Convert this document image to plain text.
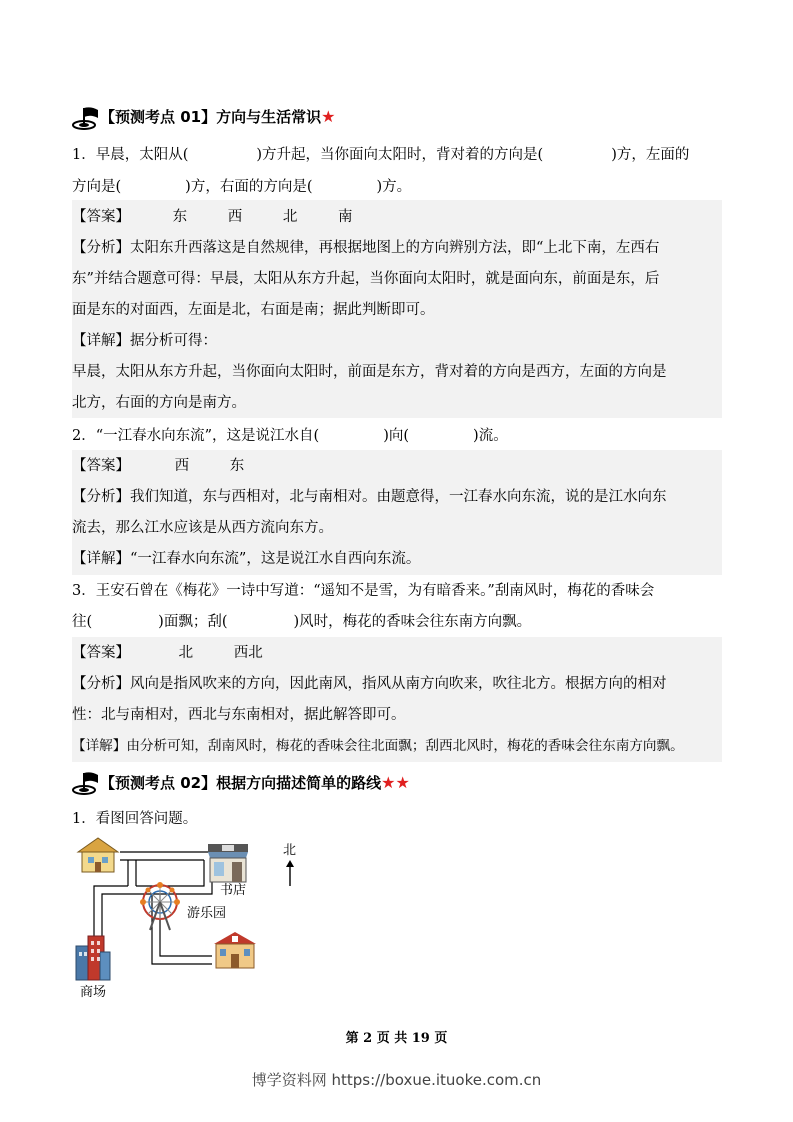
【预测考点 01】方向与生活常识★
1．早晨，太阳从(	)方升起，当你面向太阳时，背对着的方向是(	)方，左面的
方向是(	)方，右面的方向是(	)方。
【答案】	东	西	北	南
【分析】太阳东升西落这是自然规律，再根据地图上的方向辨别方法，即“上北下南，左西右
东”并结合题意可得：早晨，太阳从东方升起，当你面向太阳时，就是面向东，前面是东，后
面是东的对面西，左面是北，右面是南；据此判断即可。
【详解】据分析可得：
早晨，太阳从东方升起，当你面向太阳时，前面是东方，背对着的方向是西方，左面的方向是
北方，右面的方向是南方。
2．“一江春水向东流”，这是说江水自(	)向(	)流。
【答案】	西	东
【分析】我们知道，东与西相对，北与南相对。由题意得，一江春水向东流，说的是江水向东
流去，那么江水应该是从西方流向东方。
【详解】“一江春水向东流”，这是说江水自西向东流。
3．王安石曾在《梅花》一诗中写道：“遥知不是雪，为有暗香来。”刮南风时，梅花的香味会
往(	)面飘；刮(	)风时，梅花的香味会往东南方向飘。
【答案】	北	西北
【分析】风向是指风吹来的方向，因此南风，指风从南方向吹来，吹往北方。根据方向的相对
性：北与南相对，西北与东南相对，据此解答即可。
【详解】由分析可知，刮南风时，梅花的香味会往北面飘；刮西北风时，梅花的香味会往东南方向飘。
【预测考点 02】根据方向描述简单的路线★★
1．看图回答问题。
书店
游乐园
商场
北
第 2 页 共 19 页
博学资料网 https://boxue.ituoke.com.cn
